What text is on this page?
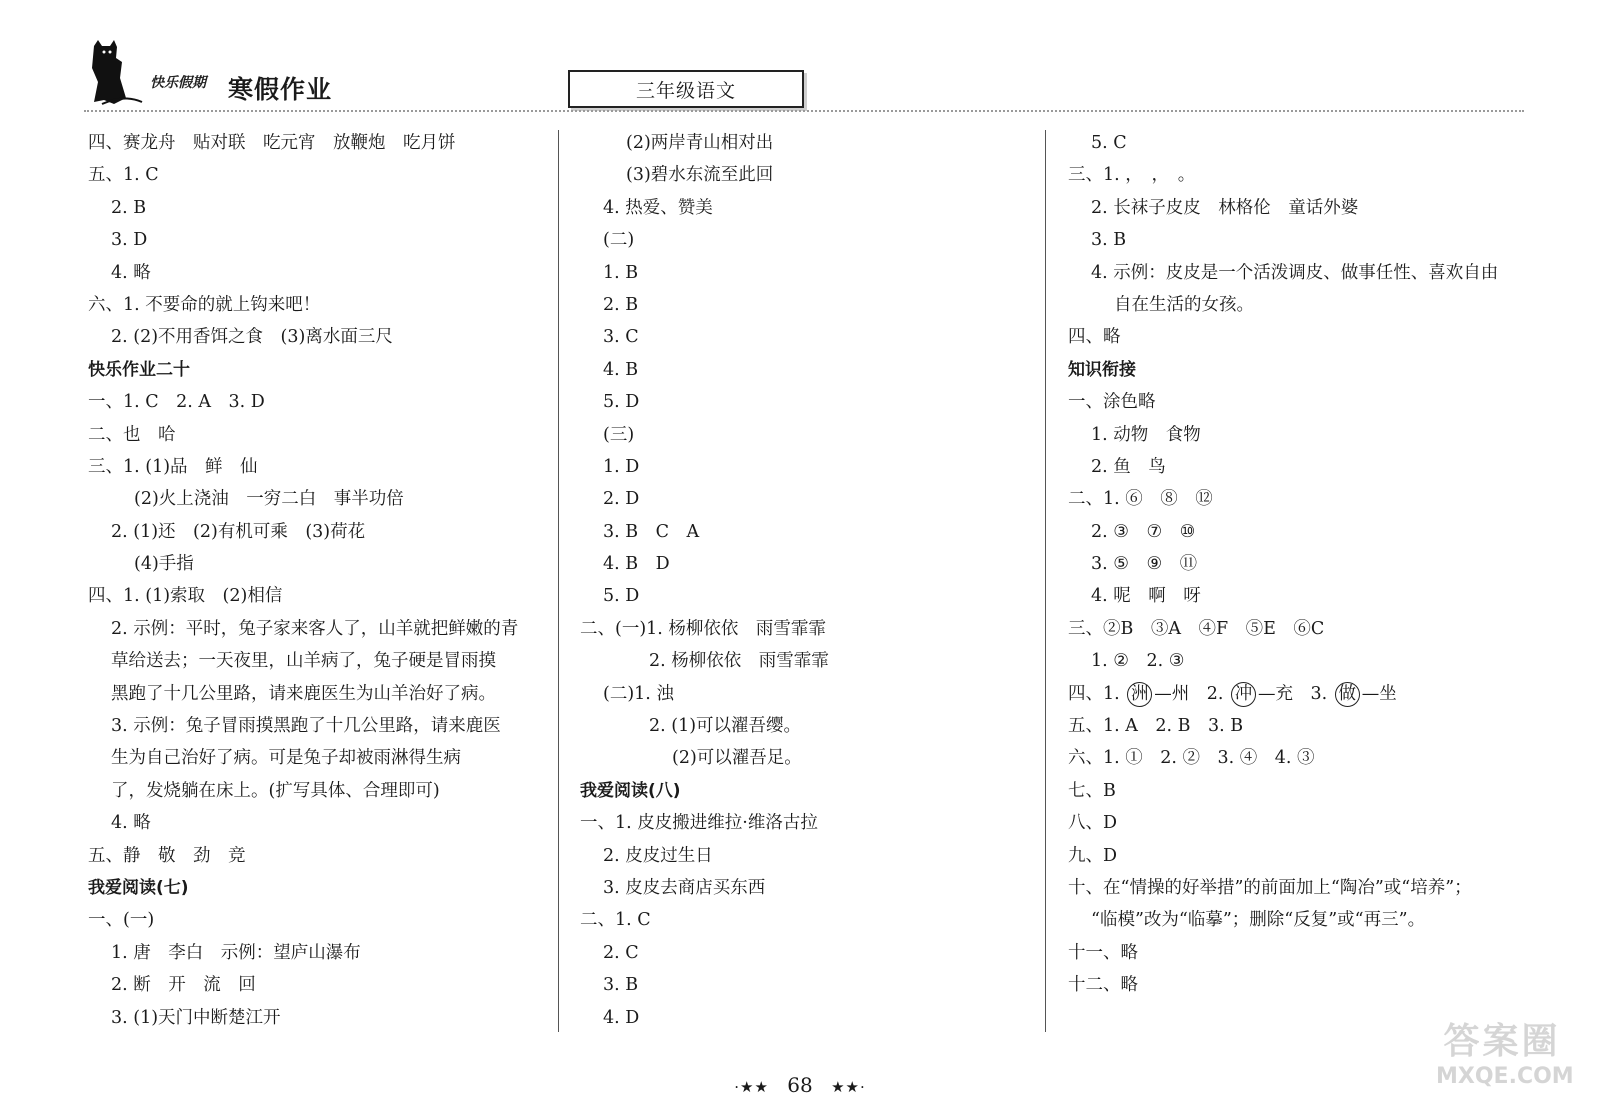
快乐假期 寒假作业	三年级语文
四、赛龙舟　贴对联　吃元宵　放鞭炮　吃月饼
五、1. C
2. B
3. D
4. 略
六、1. 不要命的就上钩来吧！
2. (2)不用香饵之食　(3)离水面三尺
快乐作业二十
一、1. C　2. A　3. D
二、也　哈
三、1. (1)品　鲜　仙
(2)火上浇油　一穷二白　事半功倍
2. (1)还　(2)有机可乘　(3)荷花
(4)手指
四、1. (1)索取　(2)相信
2. 示例：平时，兔子家来客人了，山羊就把鲜嫩的青
草给送去；一天夜里，山羊病了，兔子硬是冒雨摸
黑跑了十几公里路，请来鹿医生为山羊治好了病。
3. 示例：兔子冒雨摸黑跑了十几公里路，请来鹿医
生为自己治好了病。可是兔子却被雨淋得生病
了，发烧躺在床上。(扩写具体、合理即可)
4. 略
五、静　敬　劲　竞
我爱阅读(七)
一、(一)
1. 唐　李白　示例：望庐山瀑布
2. 断　开　流　回
3. (1)天门中断楚江开
(2)两岸青山相对出
(3)碧水东流至此回
4. 热爱、赞美
(二)
1. B
2. B
3. C
4. B
5. D
(三)
1. D
2. D
3. B　C　A
4. B　D
5. D
二、(一)1. 杨柳依依　雨雪霏霏
2. 杨柳依依　雨雪霏霏
(二)1. 浊
2. (1)可以濯吾缨。
(2)可以濯吾足。
我爱阅读(八)
一、1. 皮皮搬进维拉·维洛古拉
2. 皮皮过生日
3. 皮皮去商店买东西
二、1. C
2. C
3. B
4. D
5. C
三、1. ，　，　。
2. 长袜子皮皮　林格伦　童话外婆
3. B
4. 示例：皮皮是一个活泼调皮、做事任性、喜欢自由
自在生活的女孩。
四、略
知识衔接
一、涂色略
1. 动物　食物
2. 鱼　鸟
二、1. ⑥　⑧　⑫
2. ③　⑦　⑩
3. ⑤　⑨　⑪
4. 呢　啊　呀
三、②B　③A　④F　⑤E　⑥C
1. ②　2. ③
四、1. 洲 —州　2. 冲 —充　3. 做 —坐
五、1. A　2. B　3. B
六、1. ①　2. ②　3. ④　4. ③
七、B
八、D
九、D
十、在“情操的好举措”的前面加上“陶冶”或“培养”；
“临模”改为“临摹”；删除“反复”或“再三”。
十一、略
十二、略
·★★ 68 ★★·
答案圈
MXQE.COM
